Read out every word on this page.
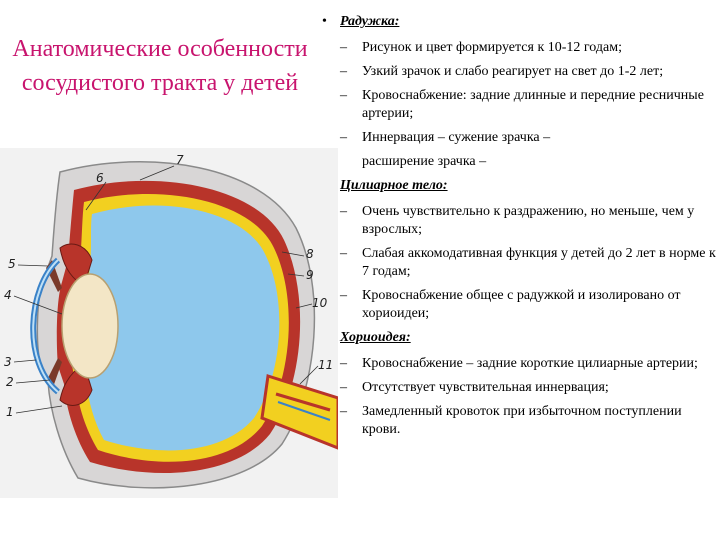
Анатомические особенности сосудистого тракта у детей
1
2
3
4
5
6
7
8
9
10
11
• Радужка:
– Рисунок и цвет формируется к 10-12 годам;
– Узкий зрачок и слабо реагирует на свет до 1-2 лет;
– Кровоснабжение: задние длинные и передние ресничные артерии;
– Иннервация – сужение зрачка –
расширение зрачка –
Цилиарное тело:
– Очень чувствительно к раздражению, но меньше, чем у взрослых;
– Слабая аккомодативная функция у детей до 2 лет в норме к 7 годам;
– Кровоснабжение общее с радужкой и изолировано от хориоидеи;
Хориоидея:
– Кровоснабжение – задние короткие цилиарные артерии;
– Отсутствует чувствительная иннервация;
– Замедленный кровоток при избыточном поступлении крови.
